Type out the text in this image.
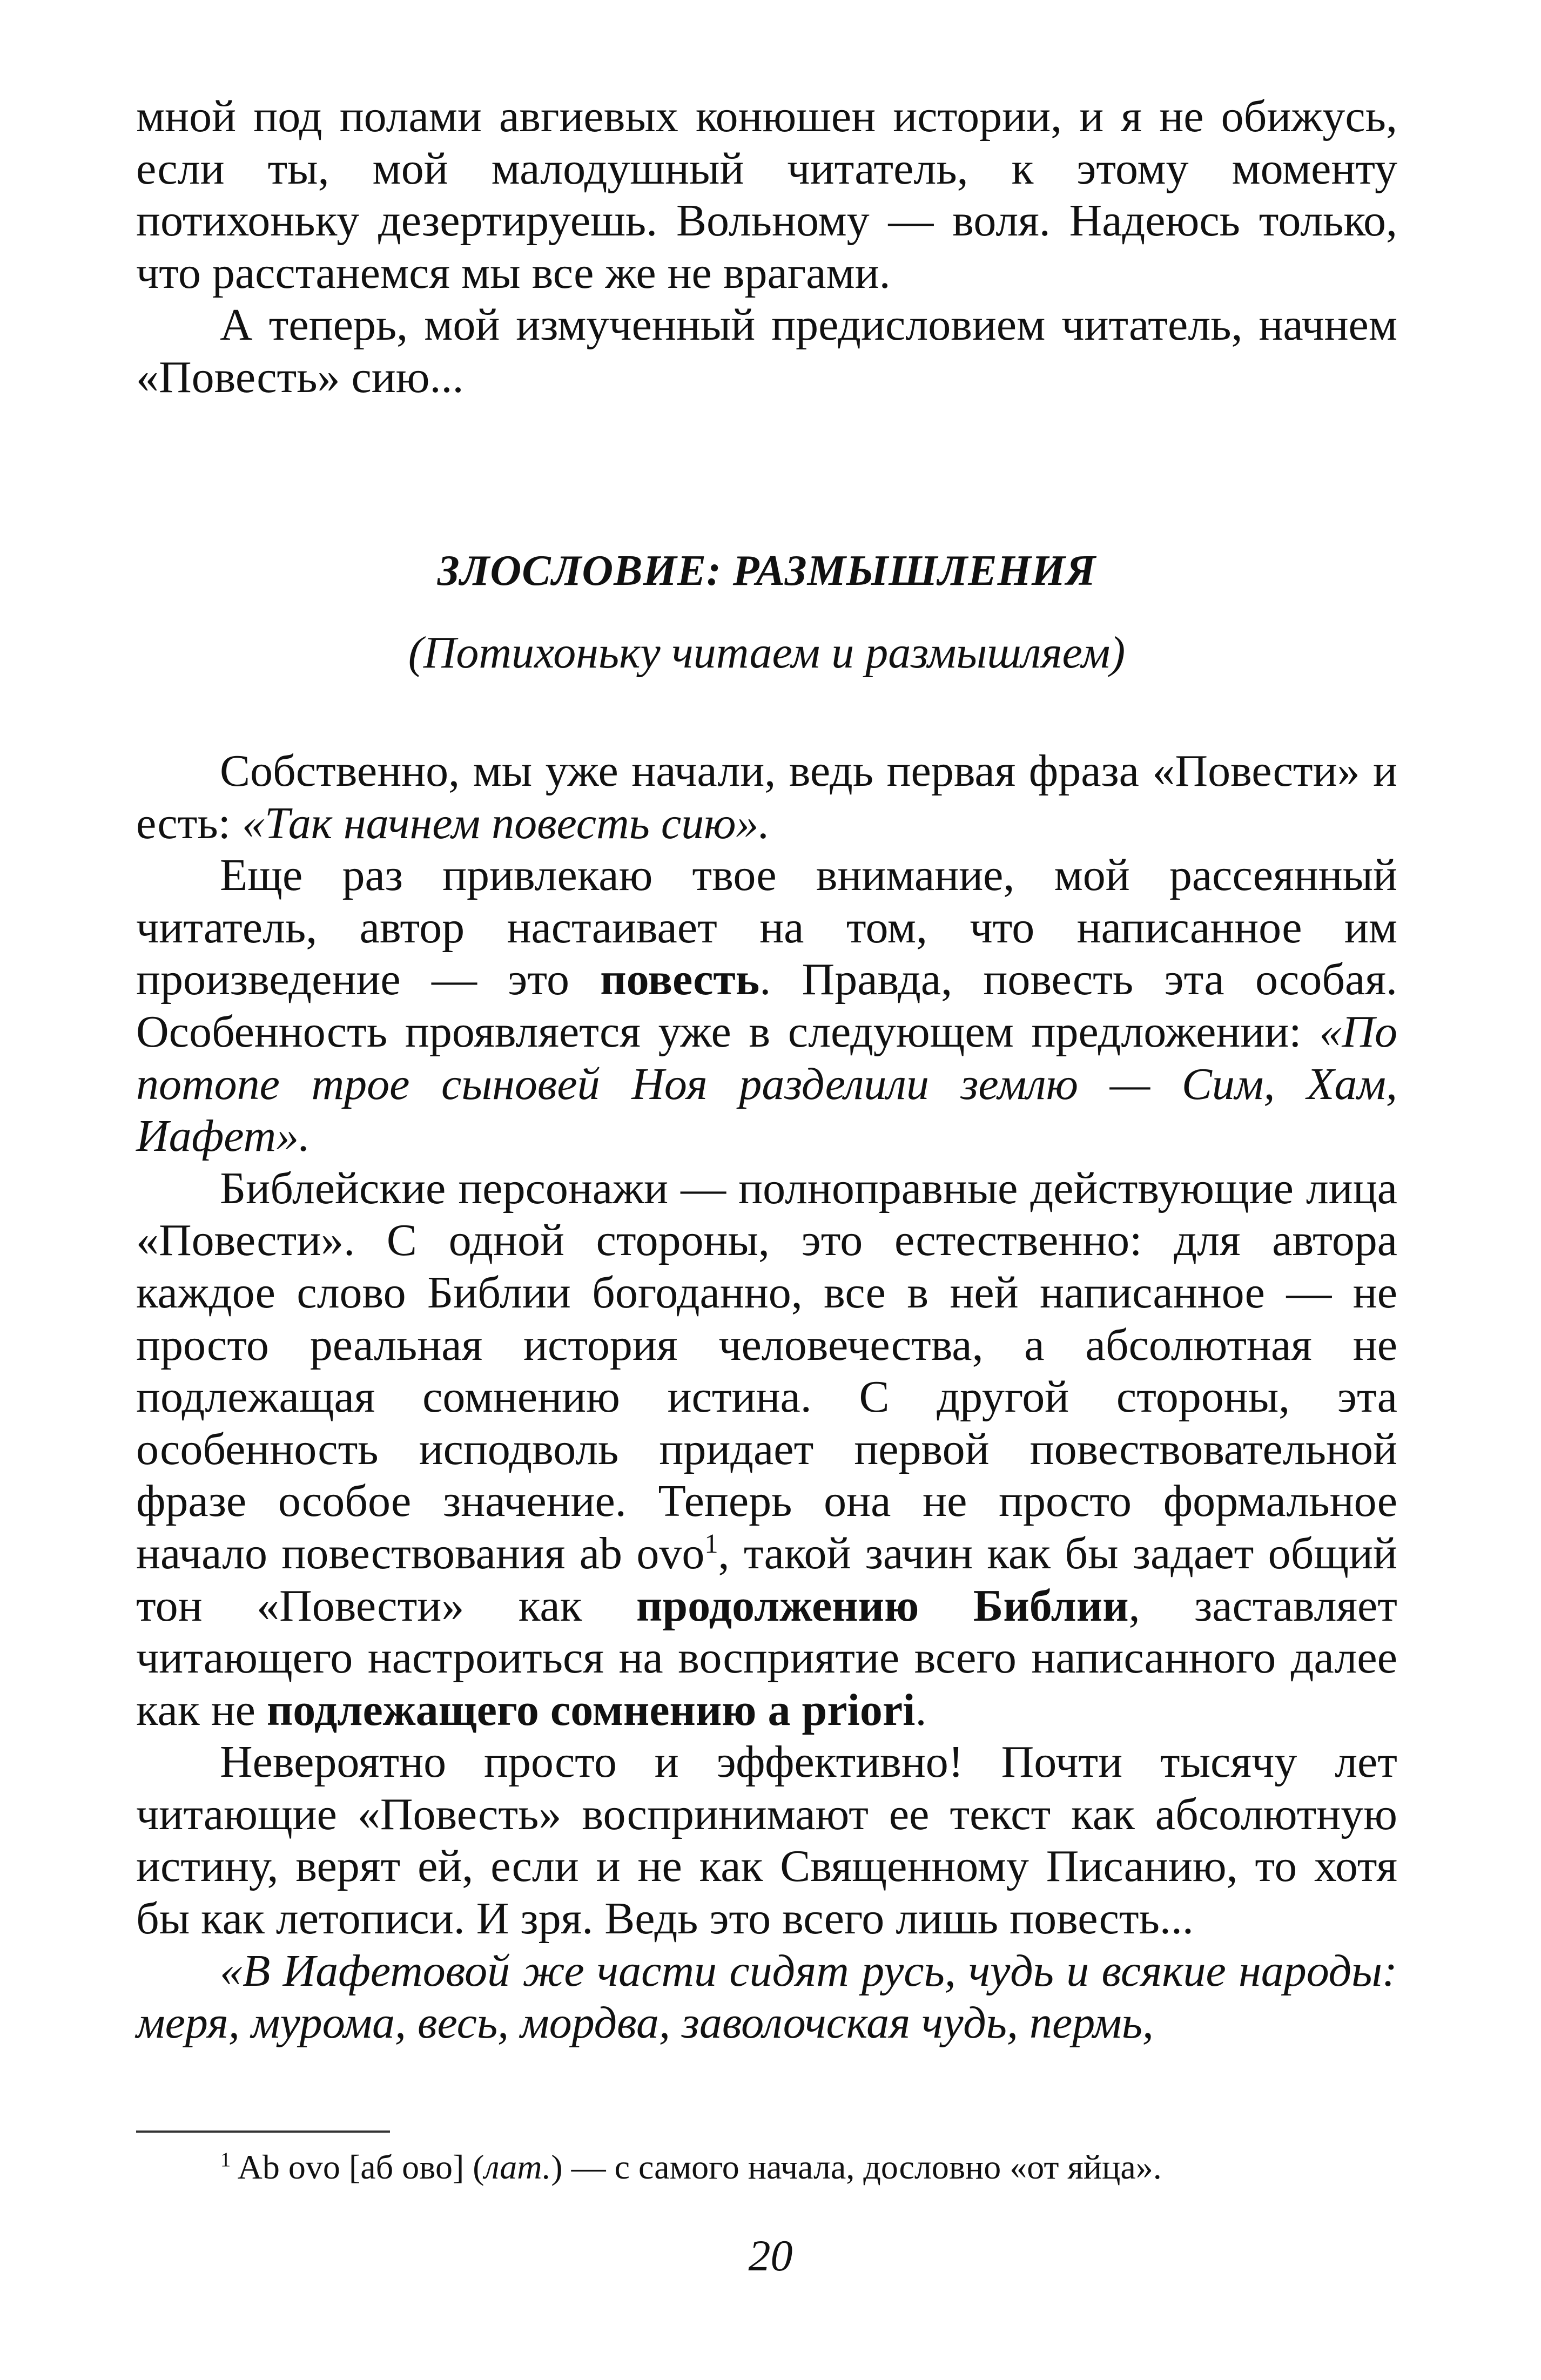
мной под полами авгиевых конюшен истории, и я не обижусь, если ты, мой малодушный читатель, к этому моменту потихоньку дезертируешь. Вольному — воля. Надеюсь только, что расстанемся мы все же не врагами.

А теперь, мой измученный предисловием читатель, начнем «Повесть» сию...

ЗЛОСЛОВИЕ: РАЗМЫШЛЕНИЯ
(Потихоньку читаем и размышляем)

Собственно, мы уже начали, ведь первая фраза «Повести» и есть: «Так начнем повесть сию».

Еще раз привлекаю твое внимание, мой рассеянный читатель, автор настаивает на том, что написанное им произведение — это повесть. Правда, повесть эта особая. Особенность проявляется уже в следующем предложении: «По потопе трое сыновей Ноя разделили землю — Сим, Хам, Иафет».

Библейские персонажи — полноправные действующие лица «Повести». С одной стороны, это естественно: для автора каждое слово Библии богоданно, все в ней написанное — не просто реальная история человечества, а абсолютная не подлежащая сомнению истина. С другой стороны, эта особенность исподволь придает первой повествовательной фразе особое значение. Теперь она не просто формальное начало повествования ab ovo$^1$, такой зачин как бы задает общий тон «Повести» как продолжению Библии, заставляет читающего настроиться на восприятие всего написанного далее как не подлежащего сомнению a priori.

Невероятно просто и эффективно! Почти тысячу лет читающие «Повесть» воспринимают ее текст как абсолютную истину, верят ей, если и не как Священному Писанию, то хотя бы как летописи. И зря. Ведь это всего лишь повесть...

«В Иафетовой же части сидят русь, чудь и всякие народы: меря, мурома, весь, мордва, заволочская чудь, пермь,

$^1$ Ab ovo [аб ово] (лат.) — с самого начала, дословно «от яйца».
20
